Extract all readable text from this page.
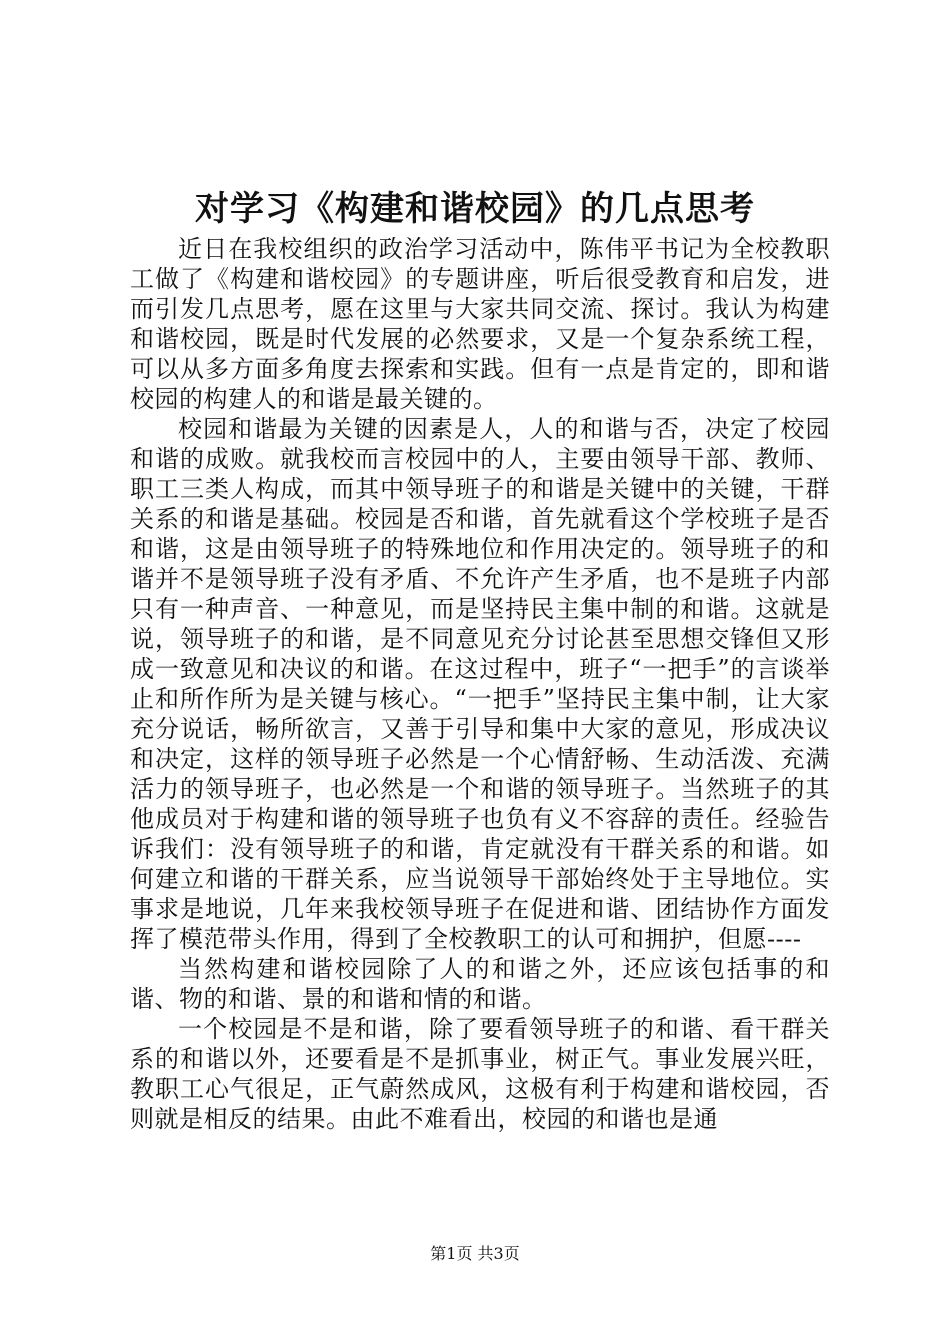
对学习《构建和谐校园》的几点思考

近日在我校组织的政治学习活动中，陈伟平书记为全校教职工做了《构建和谐校园》的专题讲座，听后很受教育和启发，进而引发几点思考，愿在这里与大家共同交流、探讨。我认为构建和谐校园，既是时代发展的必然要求，又是一个复杂系统工程，可以从多方面多角度去探索和实践。但有一点是肯定的，即和谐校园的构建人的和谐是最关键的。

校园和谐最为关键的因素是人，人的和谐与否，决定了校园和谐的成败。就我校而言校园中的人，主要由领导干部、教师、职工三类人构成，而其中领导班子的和谐是关键中的关键，干群关系的和谐是基础。校园是否和谐，首先就看这个学校班子是否和谐，这是由领导班子的特殊地位和作用决定的。领导班子的和谐并不是领导班子没有矛盾、不允许产生矛盾，也不是班子内部只有一种声音、一种意见，而是坚持民主集中制的和谐。这就是说，领导班子的和谐，是不同意见充分讨论甚至思想交锋但又形成一致意见和决议的和谐。在这过程中，班子“一把手”的言谈举止和所作所为是关键与核心。“一把手”坚持民主集中制，让大家充分说话，畅所欲言，又善于引导和集中大家的意见，形成决议和决定，这样的领导班子必然是一个心情舒畅、生动活泼、充满活力的领导班子，也必然是一个和谐的领导班子。当然班子的其他成员对于构建和谐的领导班子也负有义不容辞的责任。经验告诉我们：没有领导班子的和谐，肯定就没有干群关系的和谐。如何建立和谐的干群关系，应当说领导干部始终处于主导地位。实事求是地说，几年来我校领导班子在促进和谐、团结协作方面发挥了模范带头作用，得到了全校教职工的认可和拥护，但愿----

当然构建和谐校园除了人的和谐之外，还应该包括事的和谐、物的和谐、景的和谐和情的和谐。

一个校园是不是和谐，除了要看领导班子的和谐、看干群关系的和谐以外，还要看是不是抓事业，树正气。事业发展兴旺，教职工心气很足，正气蔚然成风，这极有利于构建和谐校园，否则就是相反的结果。由此不难看出，校园的和谐也是通

第1页 共3页
